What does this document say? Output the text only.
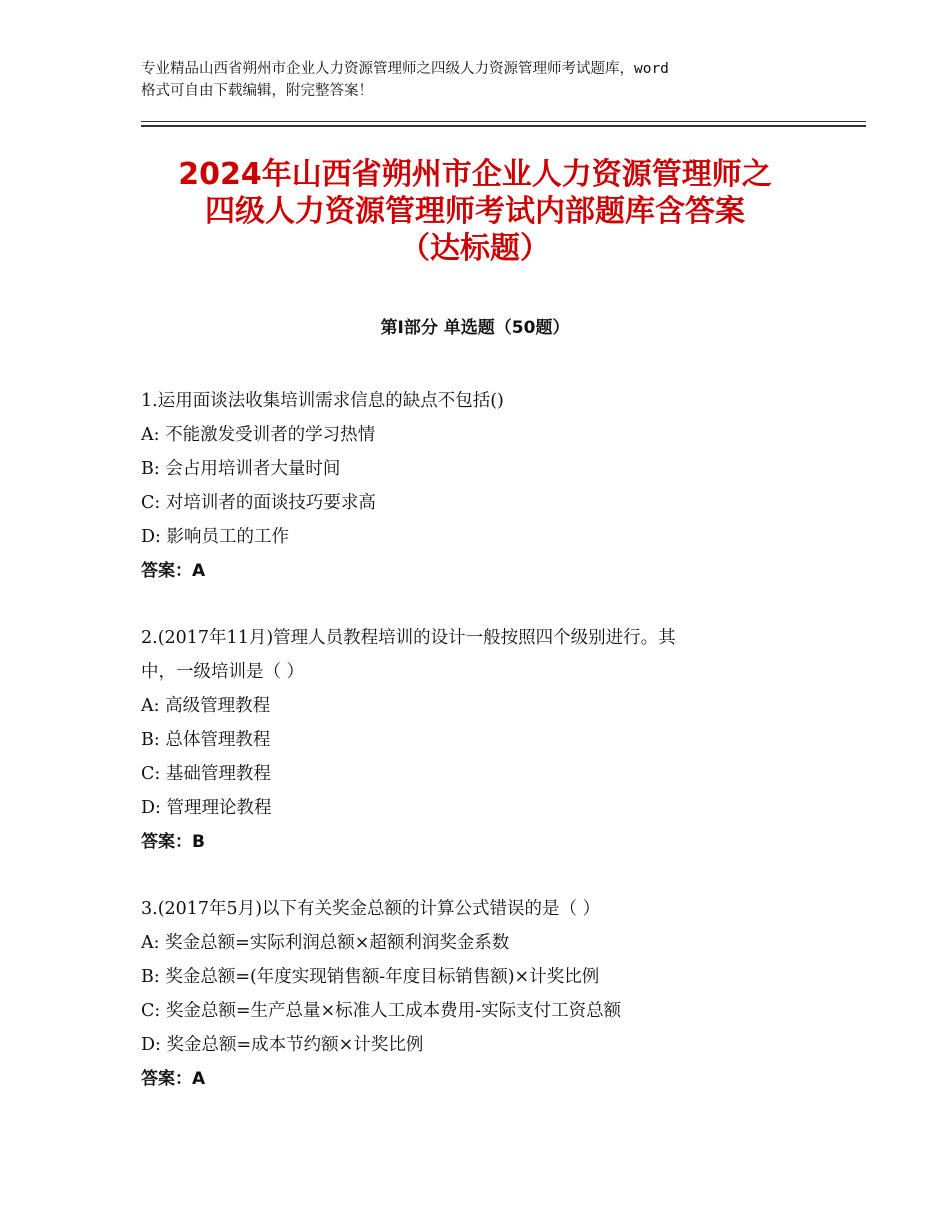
专业精品山西省朔州市企业人力资源管理师之四级人力资源管理师考试题库，word
格式可自由下载编辑，附完整答案！
2024年山西省朔州市企业人力资源管理师之
四级人力资源管理师考试内部题库含答案
（达标题）
第Ⅰ部分 单选题（50题）
1.运用面谈法收集培训需求信息的缺点不包括()
A: 不能激发受训者的学习热情
B: 会占用培训者大量时间
C: 对培训者的面谈技巧要求高
D: 影响员工的工作
答案：A
2.(2017年11月)管理人员教程培训的设计一般按照四个级别进行。其
中，一级培训是（ ）
A: 高级管理教程
B: 总体管理教程
C: 基础管理教程
D: 管理理论教程
答案：B
3.(2017年5月)以下有关奖金总额的计算公式错误的是（ ）
A: 奖金总额=实际利润总额×超额利润奖金系数
B: 奖金总额=(年度实现销售额-年度目标销售额)×计奖比例
C: 奖金总额=生产总量×标准人工成本费用-实际支付工资总额
D: 奖金总额=成本节约额×计奖比例
答案：A
